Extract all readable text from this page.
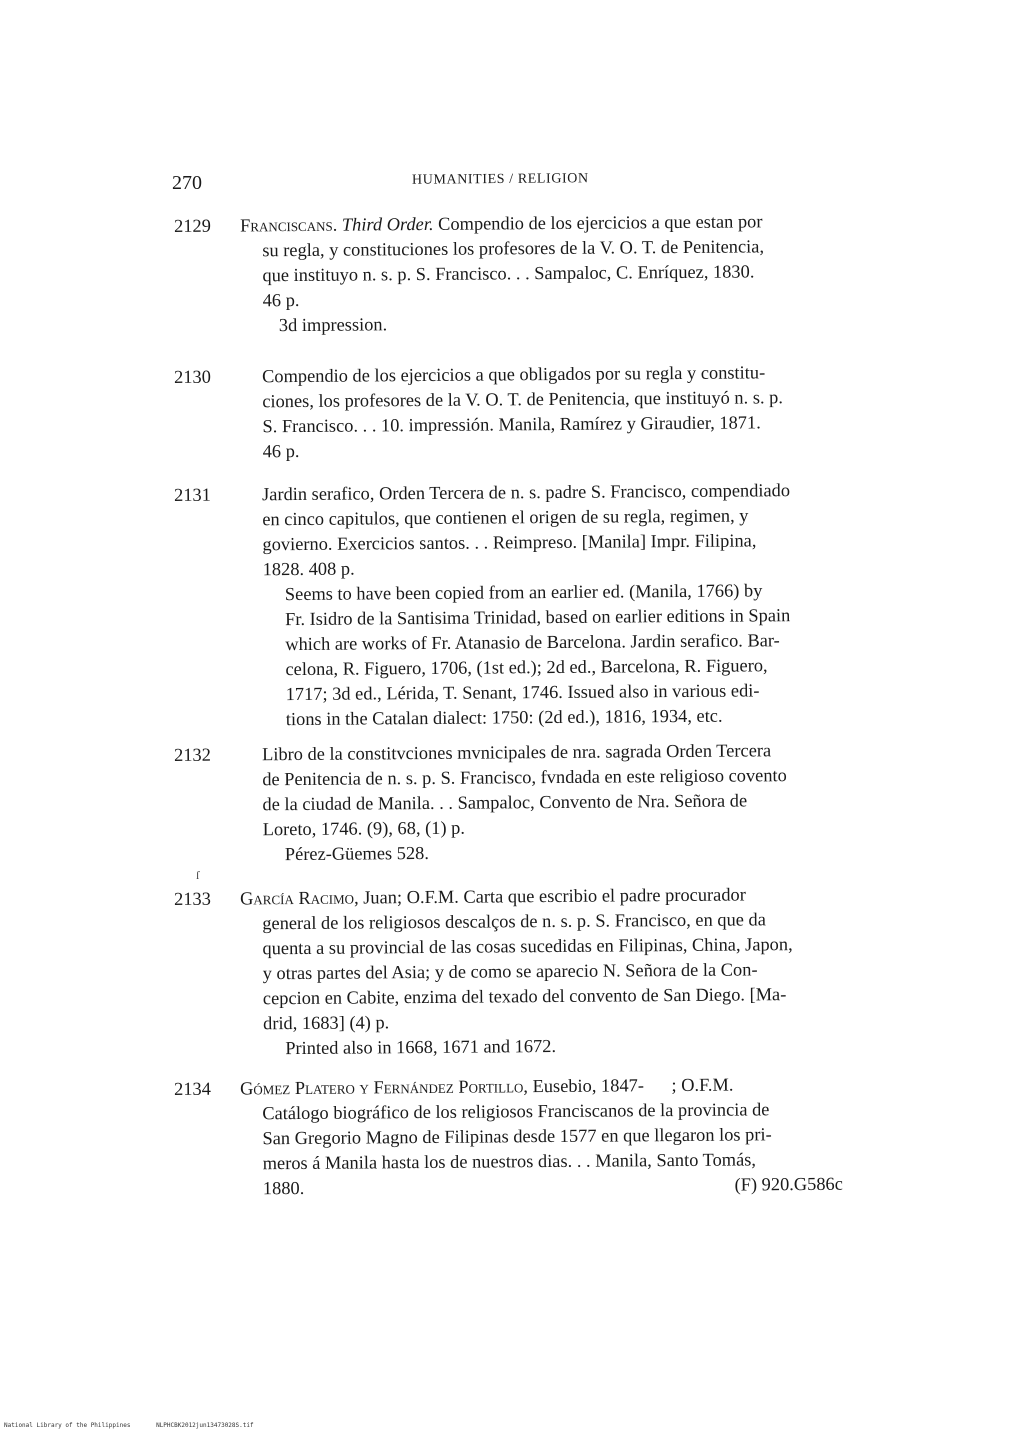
270	HUMANITIES / RELIGION
2129 Franciscans. Third Order. Compendio de los ejercicios a que estan por
su regla, y constituciones los profesores de la V. O. T. de Penitencia,
que instituyo n. s. p. S. Francisco. . . Sampaloc, C. Enríquez, 1830.
46 p.
3d impression.
2130	Compendio de los ejercicios a que obligados por su regla y constitu-
ciones, los profesores de la V. O. T. de Penitencia, que instituyó n. s. p.
S. Francisco. . . 10. impressión. Manila, Ramírez y Giraudier, 1871.
46 p.
2131	Jardin serafico, Orden Tercera de n. s. padre S. Francisco, compendiado
en cinco capitulos, que contienen el origen de su regla, regimen, y
govierno. Exercicios santos. . . Reimpreso. [Manila] Impr. Filipina,
1828. 408 p.
Seems to have been copied from an earlier ed. (Manila, 1766) by
Fr. Isidro de la Santisima Trinidad, based on earlier editions in Spain
which are works of Fr. Atanasio de Barcelona. Jardin serafico. Bar-
celona, R. Figuero, 1706, (1st ed.); 2d ed., Barcelona, R. Figuero,
1717; 3d ed., Lérida, T. Senant, 1746. Issued also in various edi-
tions in the Catalan dialect: 1750: (2d ed.), 1816, 1934, etc.
2132	Libro de la constitvciones mvnicipales de nra. sagrada Orden Tercera
de Penitencia de n. s. p. S. Francisco, fvndada en este religioso covento
de la ciudad de Manila. . . Sampaloc, Convento de Nra. Señora de
Loreto, 1746. (9), 68, (1) p.
Pérez-Güemes 528.
2133 García Racimo, Juan; O.F.M. Carta que escribio el padre procurador
general de los religiosos descalços de n. s. p. S. Francisco, en que da
quenta a su provincial de las cosas sucedidas en Filipinas, China, Japon,
y otras partes del Asia; y de como se aparecio N. Señora de la Con-
cepcion en Cabite, enzima del texado del convento de San Diego. [Ma-
drid, 1683] (4) p.
Printed also in 1668, 1671 and 1672.
ſ
2134 Gómez Platero y Fernández Portillo, Eusebio, 1847-      ; O.F.M.
Catálogo biográfico de los religiosos Franciscanos de la provincia de
San Gregorio Magno de Filipinas desde 1577 en que llegaron los pri-
meros á Manila hasta los de nuestros dias. . . Manila, Santo Tomás,
1880.	(F) 920.G586c
National Library of the Philippines	NLPHCBK2012jun13473028S.tif
